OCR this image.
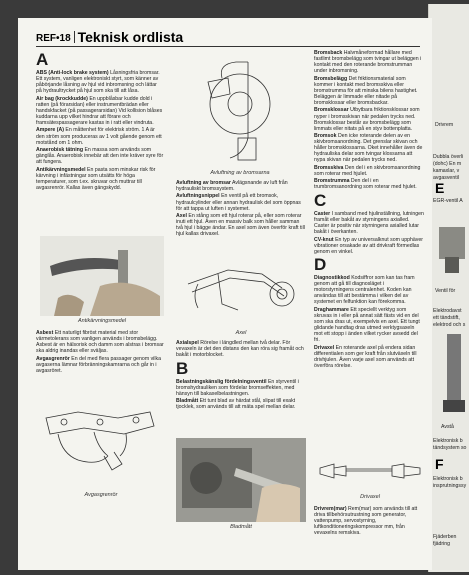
Drivrem
Dubbla överli
(dohc) En m
kamaxlar, v
avgasventil
E
EGR-ventil A
Ventil för
Elektrodavst
ett tändstift,
elektrod och s
Avstå
Elektronisk b
tändsystem so
F
Elektronisk b
insprutningssy
Fjäderben
fjädring
REF•18 Teknisk ordlista
A

ABS (Anti-lock brake system) Låsningsfria bromsar. Ett system, vanligen elektroniskt styrt, som känner av påbörjande låsning av hjul vid inbromsning och lättar på hydraultrycket på hjul som ska till att låsa.

Air bag (krockkudde) En uppblåsbar kudde dold i ratten (på förarsidan) eller instrumentbrädan eller handskfacket (på passagerarsidan) Vid kollision blåses kuddarna upp vilket hindrar att förare och framsätespassagerare kastas in i ratt eller vindruta.

Ampere (A) En måttenhet för elektrisk ström. 1 A är den ström som produceras av 1 volt gående genom ett motstånd om 1 ohm.

Anaerobisk tätning En massa som används som gänglås. Anaerobisk innebär att den inte kräver syre för att fungera.

Antikärvningsmedel En pasta som minskar risk för kärvning i infästningar som utsätts för höga temperaturer, som t.ex. skruvar och muttrar till avgasrenrör. Kallas även gängskydd.

Antikärvningsmedel

Asbest Ett naturligt fibröst material med stor värmetolerans som vanligen används i bromsbelägg. Asbest är en hälsorisk och damm som alstras i bromsar ska aldrig inandas eller sväljas.

Avgasgrenrör En del med flera passager genom vilka avgaserna lämnar förbränningskamrarna och går in i avgasröret.

Avgasgrenrör
Avluftning av bromsarna

Avluftning av bromsar Avlägsnande av luft från hydrauliskt bromssystem.

Avluftningsnippel En ventil på ett bromsok, hydraulcylinder eller annan hydraulisk del som öppnas för att tappa ut luften i systemet.

Axel En stång som ett hjul roterar på, eller som roterar inuti ett hjul. Även en massiv balk som håller samman två hjul i bägge ändar. En axel som även överför kraft till hjul kallas drivaxel.

Axel

Axialspel Rörelse i längdled mellan två delar. För vevaxeln är det den distans den kan röra sig framåt och bakåt i motorblocket.

B

Belastningskänslig fördelningsventil En styrventil i bromshydrauliken som fördelar bromseffekten, med hänsyn till bakaxelbelastningen.

Bladmått Ett tunt blad av härdat stål, slipat till exakt tjocklek, som används till att mäta spel mellan delar.

Bladmått

Bromsback Halvmåneformad hållare med fastlimt bromsbelägg som tvingar ut beläggen i kontakt med den roterande bromstrumman under inbromsning.

Bromsbelägg Det friktionsmaterial som kommer i kontakt med bromsskiva eller bromstrumma för att minska bilens hastighet. Beläggen är limmade eller nitade på bromsklossar eller bromsbackar.

Bromsklossar Utbytbara friktionsklossar som nyper i bromsskivan när pedalen trycks ned. Bromsklossar består av bromsbelägg som limmats eller nitats på en styv bottenplatta.

Bromsok Den icke roterande delen av en skivbromsanordning. Det grenslar skivan och håller bromsklossarna. Oket innehåller även de hydrauliska delar som tvingar klossarna att nypa skivan när pedalen trycks ned.

Bromsskiva Den del i en skivbromsanordning som roterar med hjulet.

Bromstrumma Den del i en trumbromsanordning som roterar med hjulet.

C

Caster I samband med hjulinställning, lutningen framåt eller bakåt av styrningens axialled. Caster är positiv när styrningens axialled lutar bakåt i överkanten.

CV-knut En typ av universalknut som upphäver vibrationer orsakade av att drivkraft förmedlas genom en vinkel.

D

Diagnostikkod Kodsiffror som kan tas fram genom att gå till diagnosläget i motorstyrningens centralenhet. Koden kan användas till att bestämma i vilken del av systemet en felfunktion kan förekomma.

Draghammare Ett speciellt verktyg som skruvas in i eller på annat sätt fästs vid en del som ska dras ut, exempelvis en axel. Ett tungt glidande handtag dras utmed verktygsaxeln mot ett stopp i änden vilket rycker avsedd del fri.

Drivaxel En roterande axel på endera sidan differentialen som ger kraft från slutväxeln till drivhjulen. Även varje axel som används att överföra rörelse.

Drivaxel

Drivrem(mar) Rem(mar) som används till att driva tillbehörsutrustning som generator, vattenpump, servostyrning, luftkonditioneringskompressor mm, från vevaxelns remskiva.
